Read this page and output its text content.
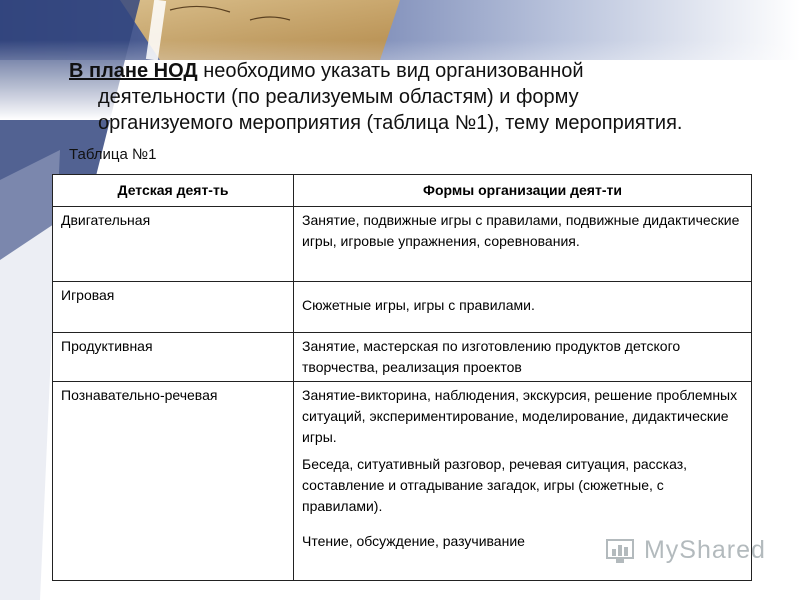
В плане НОД необходимо указать вид организованной
деятельности (по реализуемым областям) и форму
организуемого мероприятия (таблица №1), тему мероприятия.
Таблица №1
Детская деят-ть	Формы организации деят-ти
Двигательная	Занятие, подвижные игры с правилами, подвижные дидактические игры, игровые упражнения, соревнования.

Игровая	Сюжетные игры, игры с правилами.

Продуктивная	Занятие, мастерская по изготовлению продуктов детского творчества, реализация проектов

Познавательно-речевая	Занятие-викторина, наблюдения, экскурсия, решение проблемных ситуаций, экспериментирование, моделирование, дидактические игры.
Беседа, ситуативный разговор, речевая ситуация, рассказ, составление и отгадывание загадок, игры (сюжетные, с правилами).
Чтение, обсуждение, разучивание	MyShared
